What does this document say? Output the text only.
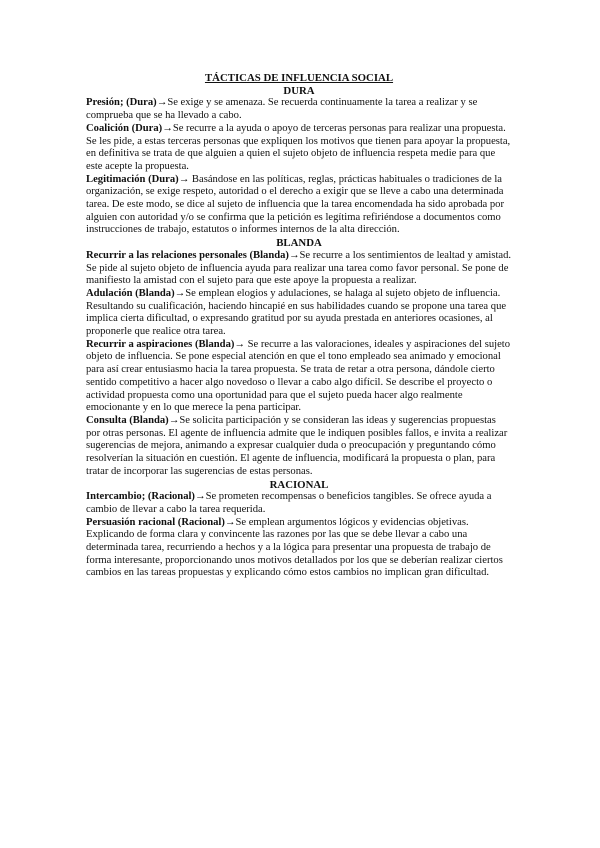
TÁCTICAS DE INFLUENCIA SOCIAL

DURA

Presión; (Dura)→Se exige y se amenaza. Se recuerda continuamente la tarea a realizar y se comprueba que se ha llevado a cabo.

Coalición (Dura)→Se recurre a la ayuda o apoyo de terceras personas para realizar una propuesta. Se les pide, a estas terceras personas que expliquen los motivos que tienen para apoyar la propuesta, en definitiva se trata de que alguien a quien el sujeto objeto de influencia respeta medie para que este acepte la propuesta.

Legitimación (Dura)→ Basándose en las políticas, reglas, prácticas habituales o tradiciones de la organización, se exige respeto, autoridad o el derecho a exigir que se lleve a cabo una determinada tarea. De este modo, se dice al sujeto de influencia que la tarea encomendada ha sido aprobada por alguien con autoridad y/o se confirma que la petición es legítima refiriéndose a documentos como instrucciones de trabajo, estatutos o informes internos de la alta dirección.

BLANDA

Recurrir a las relaciones personales (Blanda)→Se recurre a los sentimientos de lealtad y amistad. Se pide al sujeto objeto de influencia ayuda para realizar una tarea como favor personal. Se pone de manifiesto la amistad con el sujeto para que este apoye la propuesta a realizar.

Adulación (Blanda)→Se emplean elogios y adulaciones, se halaga al sujeto objeto de influencia. Resultando su cualificación, haciendo hincapié en sus habilidades cuando se propone una tarea que implica cierta dificultad, o expresando gratitud por su ayuda prestada en anteriores ocasiones, al proponerle que realice otra tarea.

Recurrir a aspiraciones (Blanda)→ Se recurre a las valoraciones, ideales y aspiraciones del sujeto objeto de influencia. Se pone especial atención en que el tono empleado sea animado y emocional para así crear entusiasmo hacia la tarea propuesta. Se trata de retar a otra persona, dándole cierto sentido competitivo a hacer algo novedoso o llevar a cabo algo difícil. Se describe el proyecto o actividad propuesta como una oportunidad para que el sujeto pueda hacer algo realmente emocionante y en lo que merece la pena participar.

Consulta (Blanda)→Se solicita participación y se consideran las ideas y sugerencias propuestas por otras personas. El agente de influencia admite que le indiquen posibles fallos, e invita a realizar sugerencias de mejora, animando a expresar cualquier duda o preocupación y preguntando cómo resolverían la situación en cuestión. El agente de influencia, modificará la propuesta o plan, para tratar de incorporar las sugerencias de estas personas.

RACIONAL

Intercambio; (Racional)→Se prometen recompensas o beneficios tangibles. Se ofrece ayuda a cambio de llevar a cabo la tarea requerida.

Persuasión racional (Racional)→Se emplean argumentos lógicos y evidencias objetivas. Explicando de forma clara y convincente las razones por las que se debe llevar a cabo una determinada tarea, recurriendo a hechos y a la lógica para presentar una propuesta de trabajo de forma interesante, proporcionando unos motivos detallados por los que se deberían realizar ciertos cambios en las tareas propuestas y explicando cómo estos cambios no implican gran dificultad.
